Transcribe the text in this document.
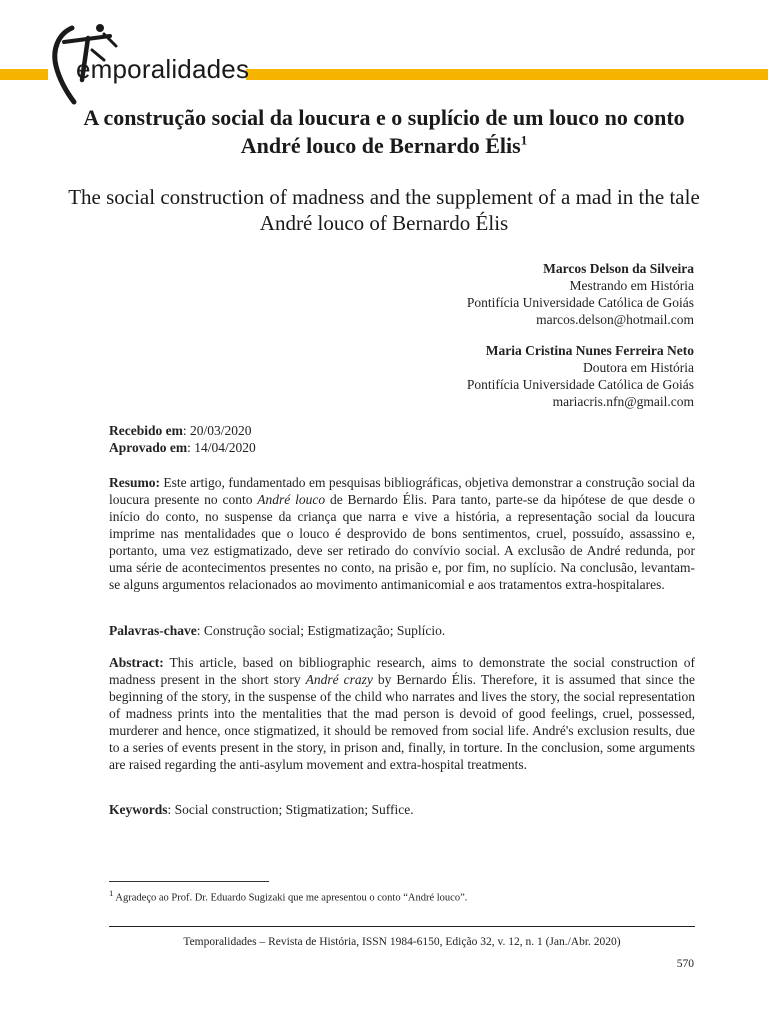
emporalidades
A construção social da loucura e o suplício de um louco no conto André louco de Bernardo Élis$^1$
The social construction of madness and the supplement of a mad in the tale André louco of Bernardo Élis
Marcos Delson da Silveira
Mestrando em História
Pontifícia Universidade Católica de Goiás
marcos.delson@hotmail.com
Maria Cristina Nunes Ferreira Neto
Doutora em História
Pontifícia Universidade Católica de Goiás
mariacris.nfn@gmail.com
Recebido em: 20/03/2020
Aprovado em: 14/04/2020
Resumo: Este artigo, fundamentado em pesquisas bibliográficas, objetiva demonstrar a construção social da loucura presente no conto André louco de Bernardo Élis. Para tanto, parte-se da hipótese de que desde o início do conto, no suspense da criança que narra e vive a história, a representação social da loucura imprime nas mentalidades que o louco é desprovido de bons sentimentos, cruel, possuído, assassino e, portanto, uma vez estigmatizado, deve ser retirado do convívio social. A exclusão de André redunda, por uma série de acontecimentos presentes no conto, na prisão e, por fim, no suplício. Na conclusão, levantam-se alguns argumentos relacionados ao movimento antimanicomial e aos tratamentos extra-hospitalares.
Palavras-chave: Construção social; Estigmatização; Suplício.
Abstract: This article, based on bibliographic research, aims to demonstrate the social construction of madness present in the short story André crazy by Bernardo Élis. Therefore, it is assumed that since the beginning of the story, in the suspense of the child who narrates and lives the story, the social representation of madness prints into the mentalities that the mad person is devoid of good feelings, cruel, possessed, murderer and hence, once stigmatized, it should be removed from social life. André's exclusion results, due to a series of events present in the story, in prison and, finally, in torture. In the conclusion, some arguments are raised regarding the anti-asylum movement and extra-hospital treatments.
Keywords: Social construction; Stigmatization; Suffice.
$^1$ Agradeço ao Prof. Dr. Eduardo Sugizaki que me apresentou o conto “André louco”.
Temporalidades – Revista de História, ISSN 1984-6150, Edição 32, v. 12, n. 1 (Jan./Abr. 2020)
570
